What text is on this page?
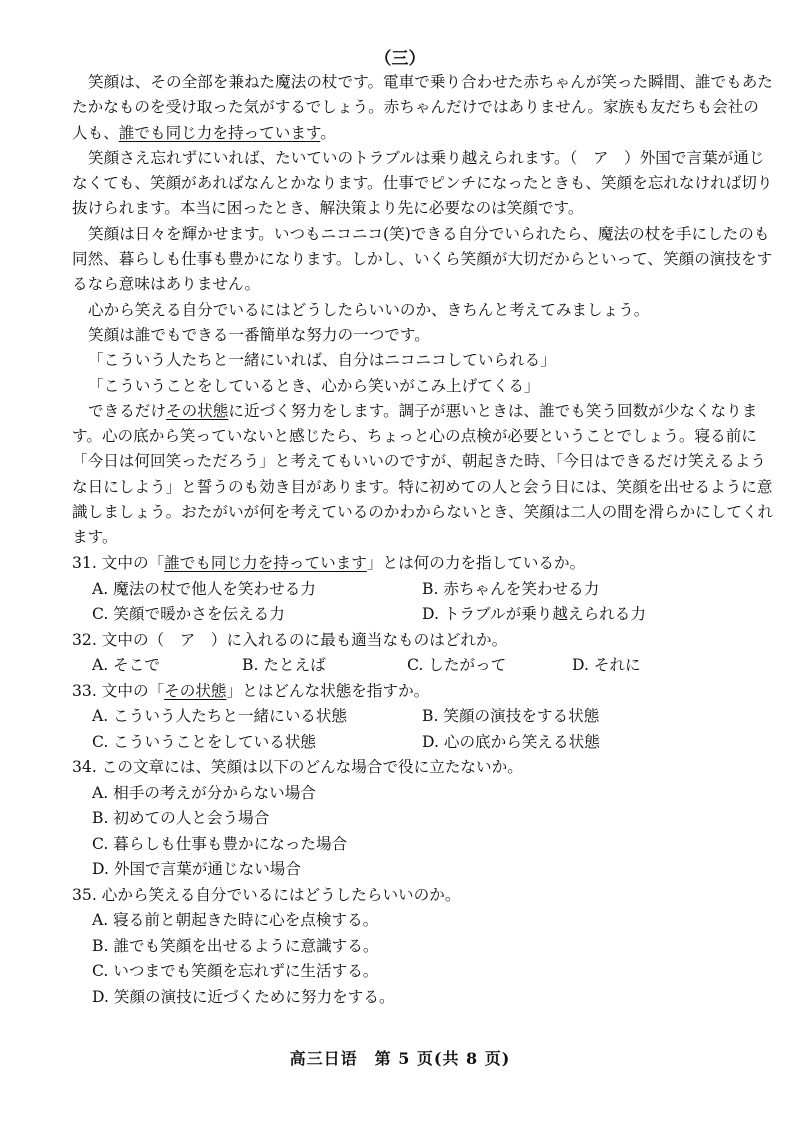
（三）

笑顔は、その全部を兼ねた魔法の杖です。電車で乗り合わせた赤ちゃんが笑った瞬間、誰でもあたたかなものを受け取った気がするでしょう。赤ちゃんだけではありません。家族も友だちも会社の人も、誰でも同じ力を持っています。

笑顔さえ忘れずにいれば、たいていのトラブルは乗り越えられます。（　ア　）外国で言葉が通じなくても、笑顔があればなんとかなります。仕事でピンチになったときも、笑顔を忘れなければ切り抜けられます。本当に困ったとき、解決策より先に必要なのは笑顔です。

笑顔は日々を輝かせます。いつもニコニコ(笑)できる自分でいられたら、魔法の杖を手にしたのも同然、暮らしも仕事も豊かになります。しかし、いくら笑顔が大切だからといって、笑顔の演技をするなら意味はありません。

心から笑える自分でいるにはどうしたらいいのか、きちんと考えてみましょう。

笑顔は誰でもできる一番簡単な努力の一つです。

「こういう人たちと一緒にいれば、自分はニコニコしていられる」

「こういうことをしているとき、心から笑いがこみ上げてくる」

できるだけその状態に近づく努力をします。調子が悪いときは、誰でも笑う回数が少なくなります。心の底から笑っていないと感じたら、ちょっと心の点検が必要ということでしょう。寝る前に「今日は何回笑っただろう」と考えてもいいのですが、朝起きた時、「今日はできるだけ笑えるような日にしよう」と誓うのも効き目があります。特に初めての人と会う日には、笑顔を出せるように意識しましょう。おたがいが何を考えているのかわからないとき、笑顔は二人の間を滑らかにしてくれます。

31. 文中の「誰でも同じ力を持っています」とは何の力を指しているか。

A. 魔法の杖で他人を笑わせる力	B. 赤ちゃんを笑わせる力
C. 笑顔で暖かさを伝える力	D. トラブルが乗り越えられる力

32. 文中の（　ア　）に入れるのに最も適当なものはどれか。

A. そこで	B. たとえば	C. したがって	D. それに

33. 文中の「その状態」とはどんな状態を指すか。

A. こういう人たちと一緒にいる状態	B. 笑顔の演技をする状態
C. こういうことをしている状態	D. 心の底から笑える状態

34. この文章には、笑顔は以下のどんな場合で役に立たないか。

A. 相手の考えが分からない場合
B. 初めての人と会う場合
C. 暮らしも仕事も豊かになった場合
D. 外国で言葉が通じない場合

35. 心から笑える自分でいるにはどうしたらいいのか。

A. 寝る前と朝起きた時に心を点検する。
B. 誰でも笑顔を出せるように意識する。
C. いつまでも笑顔を忘れずに生活する。
D. 笑顔の演技に近づくために努力をする。
高三日语　第 5 页(共 8 页)
